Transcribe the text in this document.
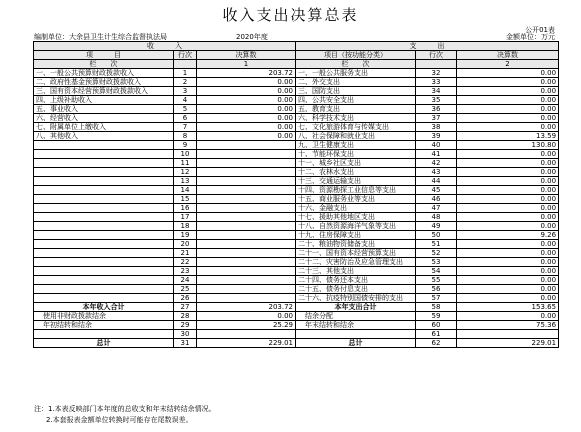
收入支出决算总表
公开01表
编制单位：大余县卫生计生综合监督执法局	2020年度	金额单位：万元
收　　　入			支　　　出		
项　　　目	行次	决算数	项目（按功能分类）	行次	决算数
栏　　次		1	栏　　次		2
一、一般公共预算财政拨款收入	1	203.72	一、一般公共服务支出	32	0.00
二、政府性基金预算财政拨款收入	2	0.00	二、外交支出	33	0.00
三、国有资本经营预算财政拨款收入	3	0.00	三、国防支出	34	0.00
四、上级补助收入	4	0.00	四、公共安全支出	35	0.00
五、事业收入	5	0.00	五、教育支出	36	0.00
六、经营收入	6	0.00	六、科学技术支出	37	0.00
七、附属单位上缴收入	7	0.00	七、文化旅游体育与传媒支出	38	0.00
八、其他收入	8	0.00	八、社会保障和就业支出	39	13.59
	9		九、卫生健康支出	40	130.80
	10		十、节能环保支出	41	0.00
	11		十一、城乡社区支出	42	0.00
	12		十二、农林水支出	43	0.00
	13		十三、交通运输支出	44	0.00
	14		十四、资源勘探工业信息等支出	45	0.00
	15		十五、商业服务业等支出	46	0.00
	16		十六、金融支出	47	0.00
	17		十七、援助其他地区支出	48	0.00
	18		十八、自然资源海洋气象等支出	49	0.00
	19		十九、住房保障支出	50	9.26
	20		二十、粮油物资储备支出	51	0.00
	21		二十一、国有资本经营预算支出	52	0.00
	22		二十二、灾害防治及应急管理支出	53	0.00
	23		二十三、其他支出	54	0.00
	24		二十四、债务还本支出	55	0.00
	25		二十五、债务付息支出	56	0.00
	26		二十六、抗疫特别国债安排的支出	57	0.00
本年收入合计	27	203.72	本年支出合计	58	153.65
　使用非财政拨款结余	28	0.00	　结余分配	59	0.00
　年初结转和结余	29	25.29	　年末结转和结余	60	75.36
	30			61	
总计	31	229.01	总计	62	229.01
注：1.本表反映部门本年度的总收支和年末结转结余情况。
2.本套报表金额单位转换时可能存在尾数误差。
